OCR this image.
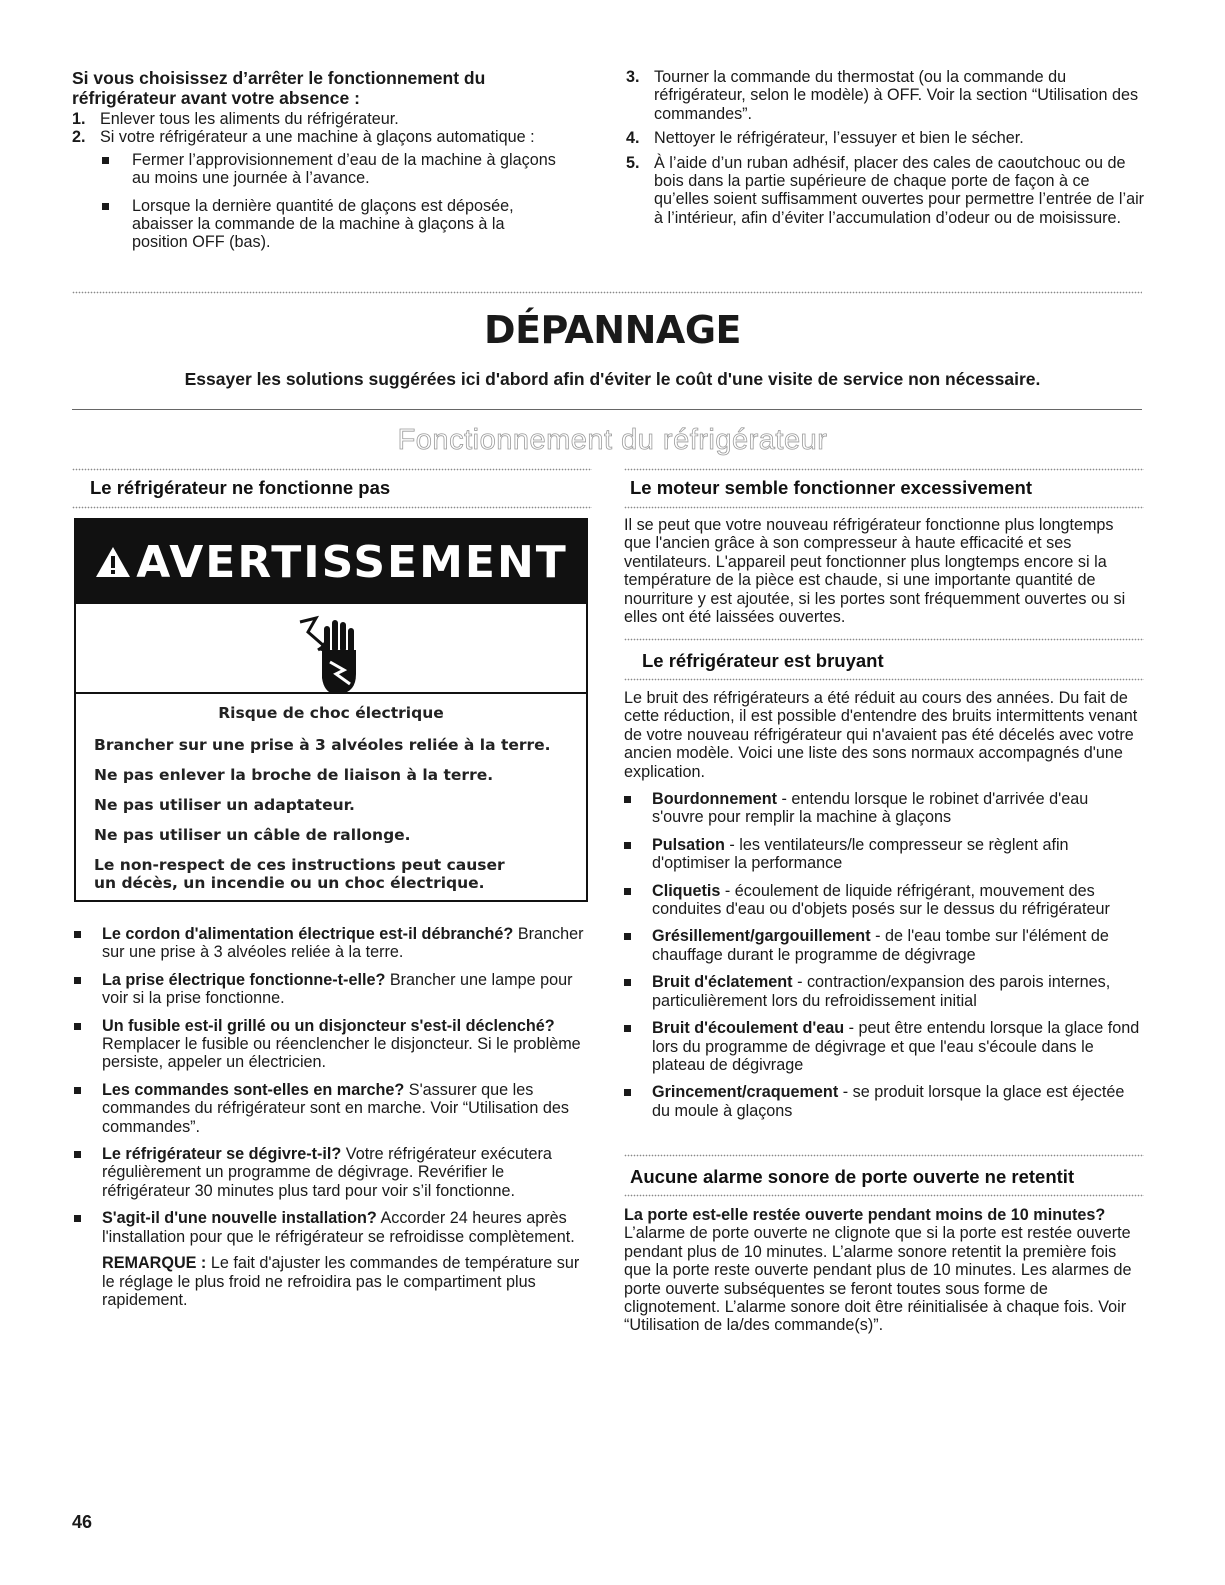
Si vous choisissez d’arrêter le fonctionnement du réfrigérateur avant votre absence :
1. Enlever tous les aliments du réfrigérateur.
2. Si votre réfrigérateur a une machine à glaçons automatique :
Fermer l’approvisionnement d’eau de la machine à glaçons au moins une journée à l’avance.
Lorsque la dernière quantité de glaçons est déposée, abaisser la commande de la machine à glaçons à la position OFF (bas).
3. Tourner la commande du thermostat (ou la commande du réfrigérateur, selon le modèle) à OFF. Voir la section “Utilisation des commandes”.
4. Nettoyer le réfrigérateur, l’essuyer et bien le sécher.
5. À l’aide d’un ruban adhésif, placer des cales de caoutchouc ou de bois dans la partie supérieure de chaque porte de façon à ce qu’elles soient suffisamment ouvertes pour permettre l’entrée de l’air à l’intérieur, afin d’éviter l’accumulation d’odeur ou de moisissure.
DÉPANNAGE
Essayer les solutions suggérées ici d'abord afin d'éviter le coût d'une visite de service non nécessaire.
Fonctionnement du réfrigérateur
Le réfrigérateur ne fonctionne pas
AVERTISSEMENT
Risque de choc électrique
Brancher sur une prise à 3 alvéoles reliée à la terre.
Ne pas enlever la broche de liaison à la terre.
Ne pas utiliser un adaptateur.
Ne pas utiliser un câble de rallonge.
Le non-respect de ces instructions peut causer
un décès, un incendie ou un choc électrique.
Le cordon d'alimentation électrique est-il débranché? Brancher sur une prise à 3 alvéoles reliée à la terre.
La prise électrique fonctionne-t-elle? Brancher une lampe pour voir si la prise fonctionne.
Un fusible est-il grillé ou un disjoncteur s'est-il déclenché? Remplacer le fusible ou réenclencher le disjoncteur. Si le problème persiste, appeler un électricien.
Les commandes sont-elles en marche? S'assurer que les commandes du réfrigérateur sont en marche. Voir “Utilisation des commandes”.
Le réfrigérateur se dégivre-t-il? Votre réfrigérateur exécutera régulièrement un programme de dégivrage. Revérifier le réfrigérateur 30 minutes plus tard pour voir s’il fonctionne.
S'agit-il d'une nouvelle installation? Accorder 24 heures après l'installation pour que le réfrigérateur se refroidisse complètement.
REMARQUE : Le fait d'ajuster les commandes de température sur le réglage le plus froid ne refroidira pas le compartiment plus rapidement.
Le moteur semble fonctionner excessivement
Il se peut que votre nouveau réfrigérateur fonctionne plus longtemps que l'ancien grâce à son compresseur à haute efficacité et ses ventilateurs. L'appareil peut fonctionner plus longtemps encore si la température de la pièce est chaude, si une importante quantité de nourriture y est ajoutée, si les portes sont fréquemment ouvertes ou si elles ont été laissées ouvertes.
Le réfrigérateur est bruyant
Le bruit des réfrigérateurs a été réduit au cours des années. Du fait de cette réduction, il est possible d'entendre des bruits intermittents venant de votre nouveau réfrigérateur qui n'avaient pas été décelés avec votre ancien modèle. Voici une liste des sons normaux accompagnés d'une explication.
Bourdonnement - entendu lorsque le robinet d'arrivée d'eau s'ouvre pour remplir la machine à glaçons
Pulsation - les ventilateurs/le compresseur se règlent afin d'optimiser la performance
Cliquetis - écoulement de liquide réfrigérant, mouvement des conduites d'eau ou d'objets posés sur le dessus du réfrigérateur
Grésillement/gargouillement - de l'eau tombe sur l'élément de chauffage durant le programme de dégivrage
Bruit d'éclatement - contraction/expansion des parois internes, particulièrement lors du refroidissement initial
Bruit d'écoulement d'eau - peut être entendu lorsque la glace fond lors du programme de dégivrage et que l'eau s'écoule dans le plateau de dégivrage
Grincement/craquement - se produit lorsque la glace est éjectée du moule à glaçons
Aucune alarme sonore de porte ouverte ne retentit
La porte est-elle restée ouverte pendant moins de 10 minutes? L’alarme de porte ouverte ne clignote que si la porte est restée ouverte pendant plus de 10 minutes. L’alarme sonore retentit la première fois que la porte reste ouverte pendant plus de 10 minutes. Les alarmes de porte ouverte subséquentes se feront toutes sous forme de clignotement. L’alarme sonore doit être réinitialisée à chaque fois. Voir “Utilisation de la/des commande(s)”.
46
